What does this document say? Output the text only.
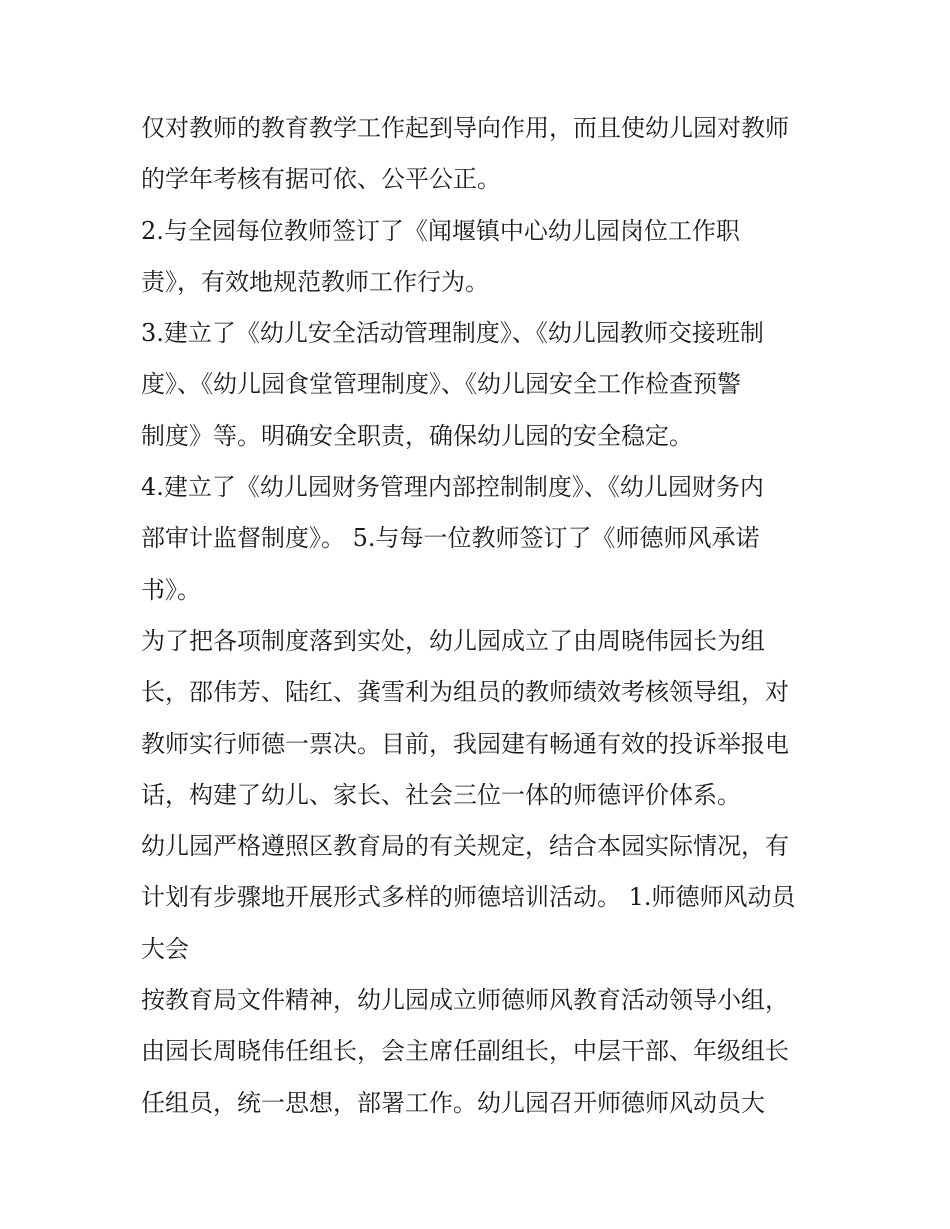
仅对教师的教育教学工作起到导向作用，而且使幼儿园对教师
的学年考核有据可依、公平公正。
2.与全园每位教师签订了《闻堰镇中心幼儿园岗位工作职
责》，有效地规范教师工作行为。
3.建立了《幼儿安全活动管理制度》、《幼儿园教师交接班制
度》、《幼儿园食堂管理制度》、《幼儿园安全工作检查预警
制度》等。明确安全职责，确保幼儿园的安全稳定。
4.建立了《幼儿园财务管理内部控制制度》、《幼儿园财务内
部审计监督制度》。 5.与每一位教师签订了《师德师风承诺
书》。
为了把各项制度落到实处，幼儿园成立了由周晓伟园长为组
长，邵伟芳、陆红、龚雪利为组员的教师绩效考核领导组，对
教师实行师德一票决。目前，我园建有畅通有效的投诉举报电
话，构建了幼儿、家长、社会三位一体的师德评价体系。
幼儿园严格遵照区教育局的有关规定，结合本园实际情况，有
计划有步骤地开展形式多样的师德培训活动。 1.师德师风动员
大会
按教育局文件精神，幼儿园成立师德师风教育活动领导小组，
由园长周晓伟任组长，会主席任副组长，中层干部、年级组长
任组员，统一思想，部署工作。幼儿园召开师德师风动员大
